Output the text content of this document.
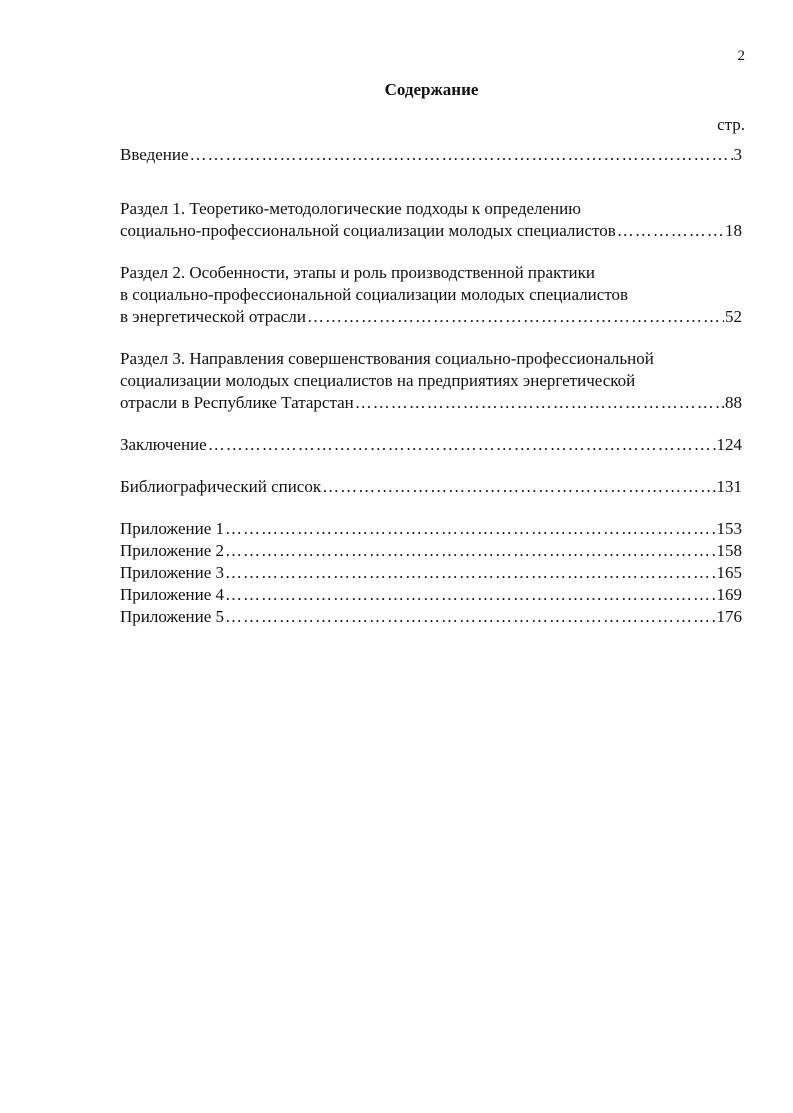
2
Содержание
стр.
Введение ………………………………………………………………………………………………………………………………………………………………………………………	3
Раздел 1. Теоретико-методологические подходы к определению
социально-профессиональной социализации молодых специалистов ………………………………………………………………………………………………………………………………………………………………………………………	18
Раздел 2. Особенности, этапы и роль производственной практики
в социально-профессиональной социализации молодых специалистов
в энергетической отрасли ………………………………………………………………………………………………………………………………………………………………………………………	52
Раздел 3. Направления совершенствования социально-профессиональной
социализации молодых специалистов на предприятиях энергетической
отрасли в Республике Татарстан ………………………………………………………………………………………………………………………………………………………………………………………	88
Заключение ………………………………………………………………………………………………………………………………………………………………………………………	124
Библиографический список ………………………………………………………………………………………………………………………………………………………………………………………	131
Приложение 1 ………………………………………………………………………………………………………………………………………………………………………………………	153
Приложение 2 ………………………………………………………………………………………………………………………………………………………………………………………	158
Приложение 3 ………………………………………………………………………………………………………………………………………………………………………………………	165
Приложение 4 ………………………………………………………………………………………………………………………………………………………………………………………	169
Приложение 5 ………………………………………………………………………………………………………………………………………………………………………………………	176
